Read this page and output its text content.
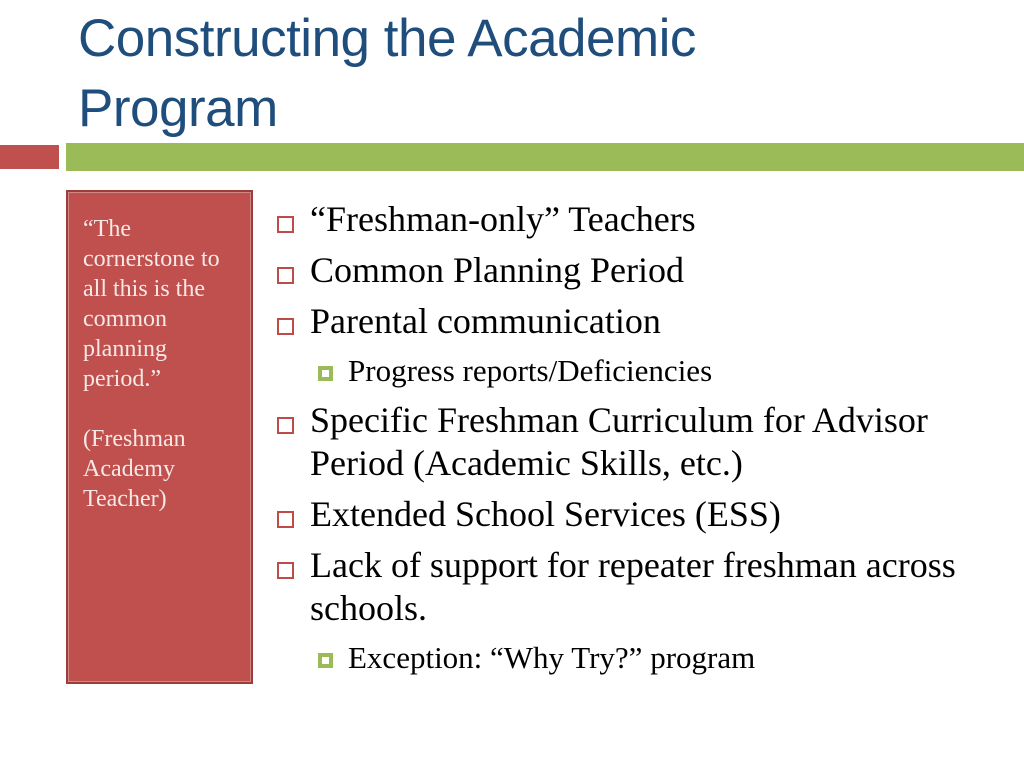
Constructing the Academic Program

“The cornerstone to all this is the common planning period.”

(Freshman Academy Teacher)

“Freshman-only” Teachers
Common Planning Period
Parental communication
Progress reports/Deficiencies
Specific Freshman Curriculum for Advisor Period (Academic Skills, etc.)
Extended School Services (ESS)
Lack of support for repeater freshman across schools.
Exception: “Why Try?” program
